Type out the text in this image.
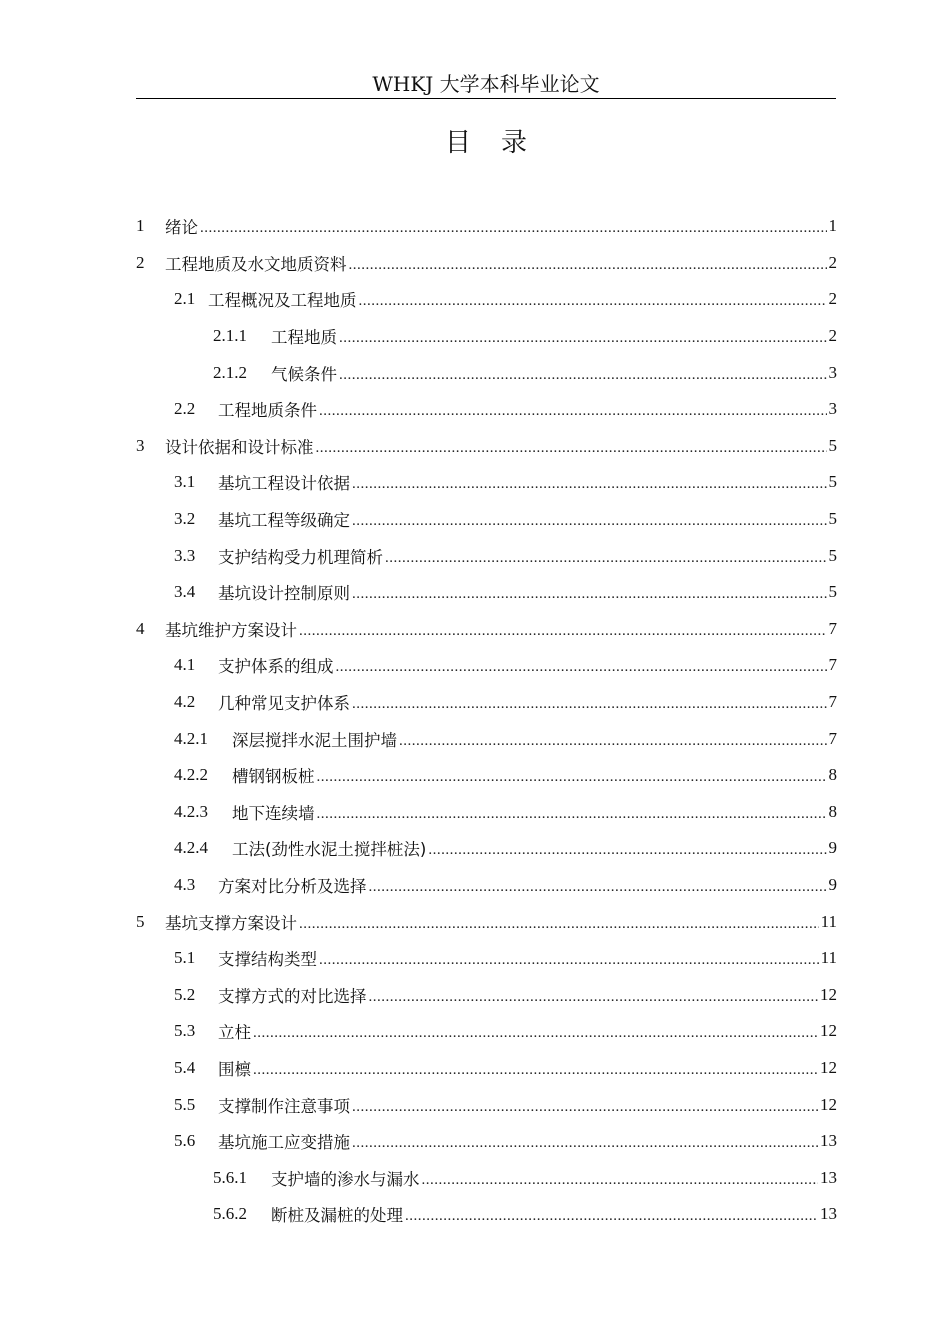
WHKJ 大学本科毕业论文
目录
1	绪论 .....	1
2	工程地质及水文地质资料 .....	2
2.1 工程概况及工程地质 .....	2
2.1.1	工程地质 .....	2
2.1.2	气候条件 .....	3
2.2	工程地质条件 .....	3
3	设计依据和设计标准 .....	5
3.1	基坑工程设计依据 .....	5
3.2	基坑工程等级确定 .....	5
3.3	支护结构受力机理简析 .....	5
3.4	基坑设计控制原则 .....	5
4	基坑维护方案设计 .....	7
4.1	支护体系的组成 .....	7
4.2	几种常见支护体系 .....	7
4.2.1	深层搅拌水泥土围护墙 .....	7
4.2.2	槽钢钢板桩 .....	8
4.2.3	地下连续墙 .....	8
4.2.4	工法(劲性水泥土搅拌桩法) .....	9
4.3	方案对比分析及选择 .....	9
5	基坑支撑方案设计 .....	11
5.1	支撑结构类型 .....	11
5.2	支撑方式的对比选择 .....	12
5.3	立柱 .....	12
5.4	围檩 .....	12
5.5	支撑制作注意事项 .....	12
5.6	基坑施工应变措施 .....	13
5.6.1	支护墙的渗水与漏水 .....	13
5.6.2	断桩及漏桩的处理 .....	13
